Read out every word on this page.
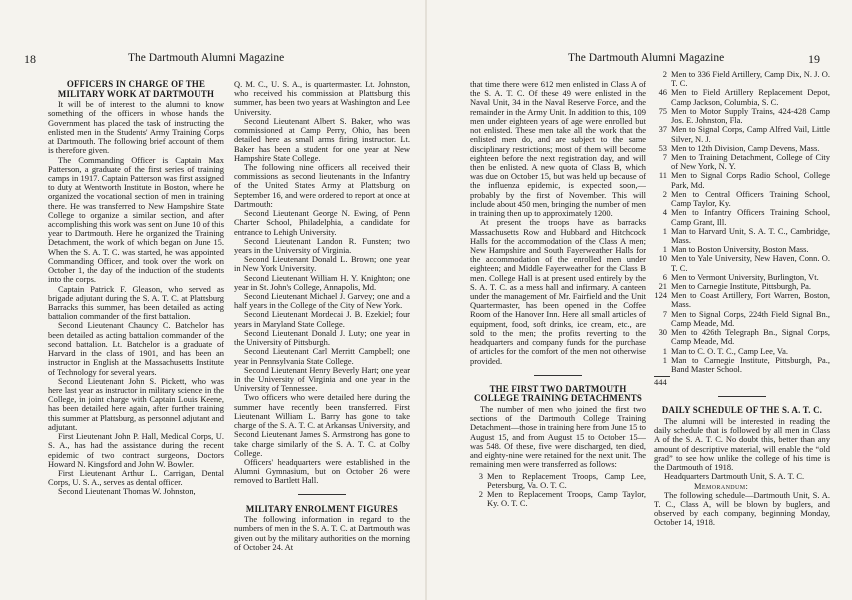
18	The Dartmouth Alumni Magazine
OFFICERS IN CHARGE OF THE MILITARY WORK AT DARTMOUTH

It will be of interest to the alumni to know something of the officers in whose hands the Government has placed the task of instructing the enlisted men in the Students' Army Training Corps at Dartmouth. The following brief account of them is therefore given.

The Commanding Officer is Captain Max Patterson, a graduate of the first series of training camps in 1917. Captain Patterson was first assigned to duty at Wentworth Institute in Boston, where he organized the vocational section of men in training there. He was transferred to New Hampshire State College to organize a similar section, and after accomplishing this work was sent on June 10 of this year to Dartmouth. Here he organized the Training Detachment, the work of which began on June 15. When the S. A. T. C. was started, he was appointed Commanding Officer, and took over the work on October 1, the day of the induction of the students into the corps.

Captain Patrick F. Gleason, who served as brigade adjutant during the S. A. T. C. at Plattsburg Barracks this summer, has been detailed as acting battalion commander of the first battalion.

Second Lieutenant Chauncy C. Batchelor has been detailed as acting battalion commander of the second battalion. Lt. Batchelor is a graduate of Harvard in the class of 1901, and has been an instructor in English at the Massachusetts Institute of Technology for several years.

Second Lieutenant John S. Pickett, who was here last year as instructor in military science in the College, in joint charge with Captain Louis Keene, has been detailed here again, after further training this summer at Plattsburg, as personnel adjutant and adjutant.

First Lieutenant John P. Hall, Medical Corps, U. S. A., has had the assistance during the recent epidemic of two contract surgeons, Doctors Howard N. Kingsford and John W. Bowler.

First Lieutenant Arthur L. Carrigan, Dental Corps, U. S. A., serves as dental officer.

Second Lieutenant Thomas W. Johnston,

Q. M. C., U. S. A., is quartermaster. Lt. Johnston, who received his commission at Plattsburg this summer, has been two years at Washington and Lee University.

Second Lieutenant Albert S. Baker, who was commissioned at Camp Perry, Ohio, has been detailed here as small arms firing instructor. Lt. Baker has been a student for one year at New Hampshire State College.

The following nine officers all received their commissions as second lieutenants in the Infantry of the United States Army at Plattsburg on September 16, and were ordered to report at once at Dartmouth:

Second Lieutenant George N. Ewing, of Penn Charter School, Philadelphia, a candidate for entrance to Lehigh University.

Second Lieutenant Landon R. Funsten; two years in the University of Virginia.

Second Lieutenant Donald L. Brown; one year in New York University.

Second Lieutenant William H. Y. Knighton; one year in St. John's College, Annapolis, Md.

Second Lieutenant Michael J. Garvey; one and a half years in the College of the City of New York.

Second Lieutenant Mordecai J. B. Ezekiel; four years in Maryland State College.

Second Lieutenant Donald J. Luty; one year in the University of Pittsburgh.

Second Lieutenant Carl Merritt Campbell; one year in Pennsylvania State College.

Second Lieutenant Henry Beverly Hart; one year in the University of Virginia and one year in the University of Tennessee.

Two officers who were detailed here during the summer have recently been transferred. First Lieutenant William L. Barry has gone to take charge of the S. A. T. C. at Arkansas University, and Second Lieutenant James S. Armstrong has gone to take charge similarly of the S. A. T. C. at Colby College.

Officers' headquarters were established in the Alumni Gymnasium, but on October 26 were removed to Bartlett Hall.

MILITARY ENROLMENT FIGURES

The following information in regard to the numbers of men in the S. A. T. C. at Dartmouth was given out by the military authorities on the morning of October 24. At

The Dartmouth Alumni Magazine	19

that time there were 612 men enlisted in Class A of the S. A. T. C. Of these 49 were enlisted in the Naval Unit, 34 in the Naval Reserve Force, and the remainder in the Army Unit. In addition to this, 109 men under eighteen years of age were enrolled but not enlisted. These men take all the work that the enlisted men do, and are subject to the same disciplinary restrictions; most of them will become eighteen before the next registration day, and will then be enlisted. A new quota of Class B, which was due on October 15, but was held up because of the influenza epidemic, is expected soon,—probably by the first of November. This will include about 450 men, bringing the number of men in training then up to approximately 1200.

At present the troops have as barracks Massachusetts Row and Hubbard and Hitchcock Halls for the accommodation of the Class A men; New Hampshire and South Fayerweather Halls for the accommodation of the enrolled men under eighteen; and Middle Fayerweather for the Class B men. College Hall is at present used entirely by the S. A. T. C. as a mess hall and infirmary. A canteen under the management of Mr. Fairfield and the Unit Quartermaster, has been opened in the Coffee Room of the Hanover Inn. Here all small articles of equipment, food, soft drinks, ice cream, etc., are sold to the men; the profits reverting to the headquarters and company funds for the purchase of articles for the comfort of the men not otherwise provided.

THE FIRST TWO DARTMOUTH COLLEGE TRAINING DETACHMENTS

The number of men who joined the first two sections of the Dartmouth College Training Detachment—those in training here from June 15 to August 15, and from August 15 to October 15—was 548. Of these, five were discharged, ten died, and eighty-nine were retained for the next unit. The remaining men were transferred as follows:

3 Men to Replacement Troops, Camp Lee, Petersburg, Va. O. T. C.
2 Men to Replacement Troops, Camp Taylor, Ky. O. T. C.
2 Men to 336 Field Artillery, Camp Dix, N. J. O. T. C.
46 Men to Field Artillery Replacement Depot, Camp Jackson, Columbia, S. C.
75 Men to Motor Supply Trains, 424-428 Camp Jos. E. Johnston, Fla.
37 Men to Signal Corps, Camp Alfred Vail, Little Silver, N. J.
53 Men to 12th Division, Camp Devens, Mass.
7 Men to Training Detachment, College of City of New York, N. Y.
11 Men to Signal Corps Radio School, College Park, Md.
2 Men to Central Officers Training School, Camp Taylor, Ky.
4 Men to Infantry Officers Training School, Camp Grant, Ill.
1 Man to Harvard Unit, S. A. T. C., Cambridge, Mass.
1 Man to Boston University, Boston Mass.
10 Men to Yale University, New Haven, Conn. O. T. C.
6 Men to Vermont University, Burlington, Vt.
21 Men to Carnegie Institute, Pittsburgh, Pa.
124 Men to Coast Artillery, Fort Warren, Boston, Mass.
7 Men to Signal Corps, 224th Field Signal Bn., Camp Meade, Md.
30 Men to 426th Telegraph Bn., Signal Corps, Camp Meade, Md.
1 Man to C. O. T. C., Camp Lee, Va.
1 Man to Carnegie Institute, Pittsburgh, Pa., Band Master School.
444
DAILY SCHEDULE OF THE S. A. T. C.

The alumni will be interested in reading the daily schedule that is followed by all men in Class A of the S. A. T. C. No doubt this, better than any amount of descriptive material, will enable the “old grad” to see how unlike the college of his time is the Dartmouth of 1918.

Headquarters Dartmouth Unit, S. A. T. C.

Memorandum:

The following schedule—Dartmouth Unit, S. A. T. C., Class A, will be blown by buglers, and observed by each company, beginning Monday, October 14, 1918.
